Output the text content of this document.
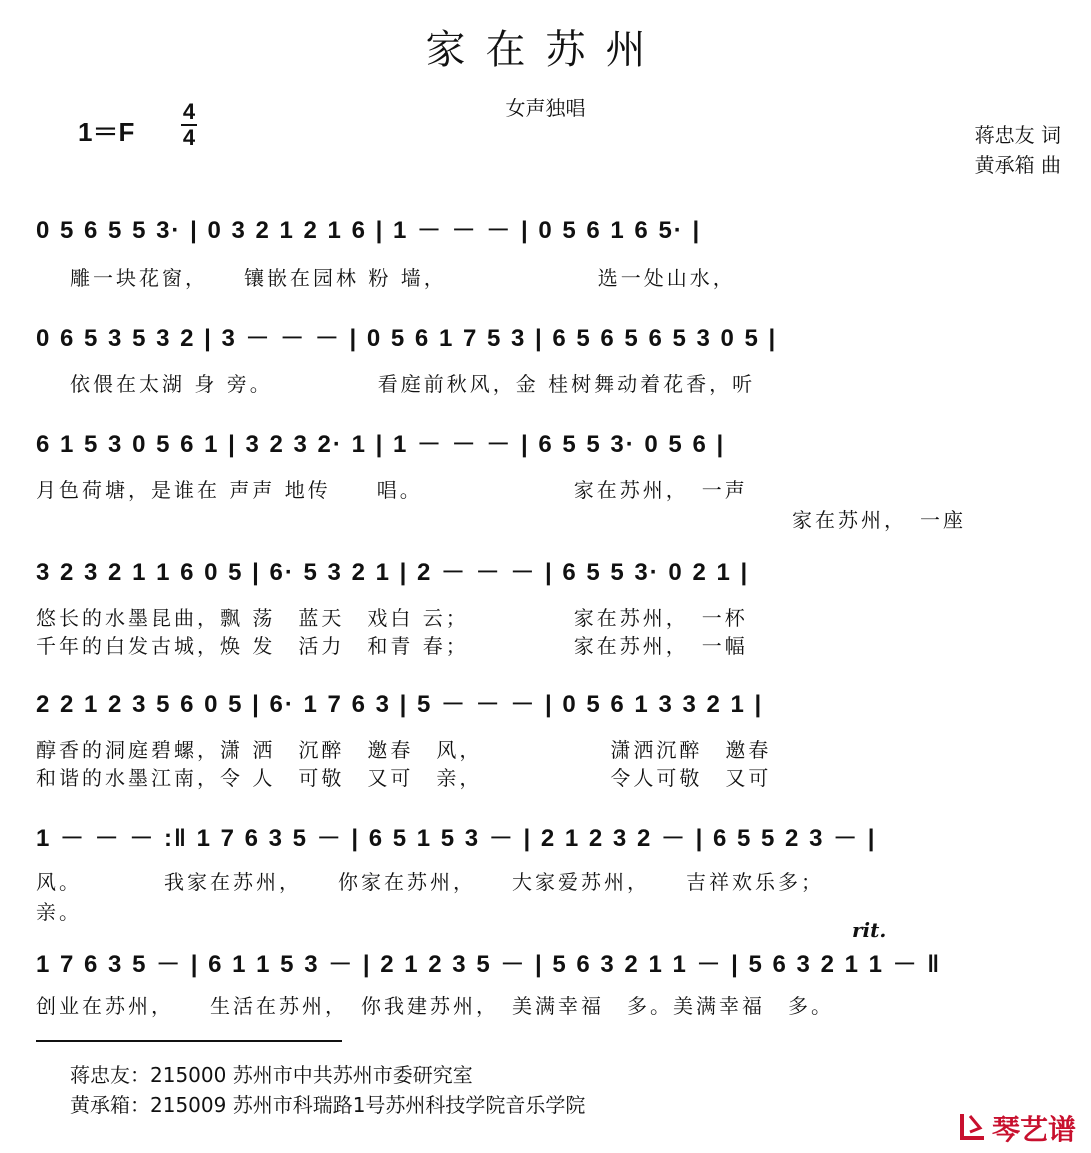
家在苏州
女声独唱
1＝F
4
4	蒋忠友 词
黄承箱 曲
0 5 6 5 5 3· | 0 3 2 1 2 1 6 | 1 － － － | 0 5 6 1 6 5· |
雕一块花窗，　　镶嵌在园林 粉 墙，　　　　　　　选一处山水，
0 6 5 3 5 3 2 | 3 － － － | 0 5 6 1 7 5 3 | 6 5 6 5 6 5 3 0 5 |
依偎在太湖 身 旁。　　　　　看庭前秋风，金 桂树舞动着花香，听
6 1 5 3 0 5 6 1 | 3 2 3 2· 1 | 1 － － － | 6 5 5 3· 0 5 6 |
月色荷塘，是谁在 声声 地传　　唱。　　　　　　　家在苏州，　一声
家在苏州，　一座
3 2 3 2 1 1 6 0 5 | 6· 5 3 2 1 | 2 － － － | 6 5 5 3· 0 2 1 |
悠长的水墨昆曲，飘 荡　蓝天　戏白 云；　　　　　家在苏州，　一杯
千年的白发古城，焕 发　活力　和青 春；　　　　　家在苏州，　一幅
2 2 1 2 3 5 6 0 5 | 6· 1 7 6 3 | 5 － － － | 0 5 6 1 3 3 2 1 |
醇香的洞庭碧螺，潇 洒　沉醉　邀春　风，　　　　　　潇洒沉醉　邀春
和谐的水墨江南，令 人　可敬　又可　亲，　　　　　　令人可敬　又可
1 － － － :‖ 1 7 6 3 5 － | 6 5 1 5 3 － | 2 1 2 3 2 － | 6 5 5 2 3 － |
风。　　　　我家在苏州，　　你家在苏州，　　大家爱苏州，　　吉祥欢乐多；
亲。
rit.
1 7 6 3 5 － | 6 1 1 5 3 － | 2 1 2 3 5 － | 5 6 3 2 1 1 － | 5 6 3 2 1 1 － ‖
创业在苏州，　　生活在苏州，　你我建苏州，　美满幸福　多。美满幸福　多。
蒋忠友：215000 苏州市中共苏州市委研究室
黄承箱：215009 苏州市科瑞路1号苏州科技学院音乐学院
琴艺谱
